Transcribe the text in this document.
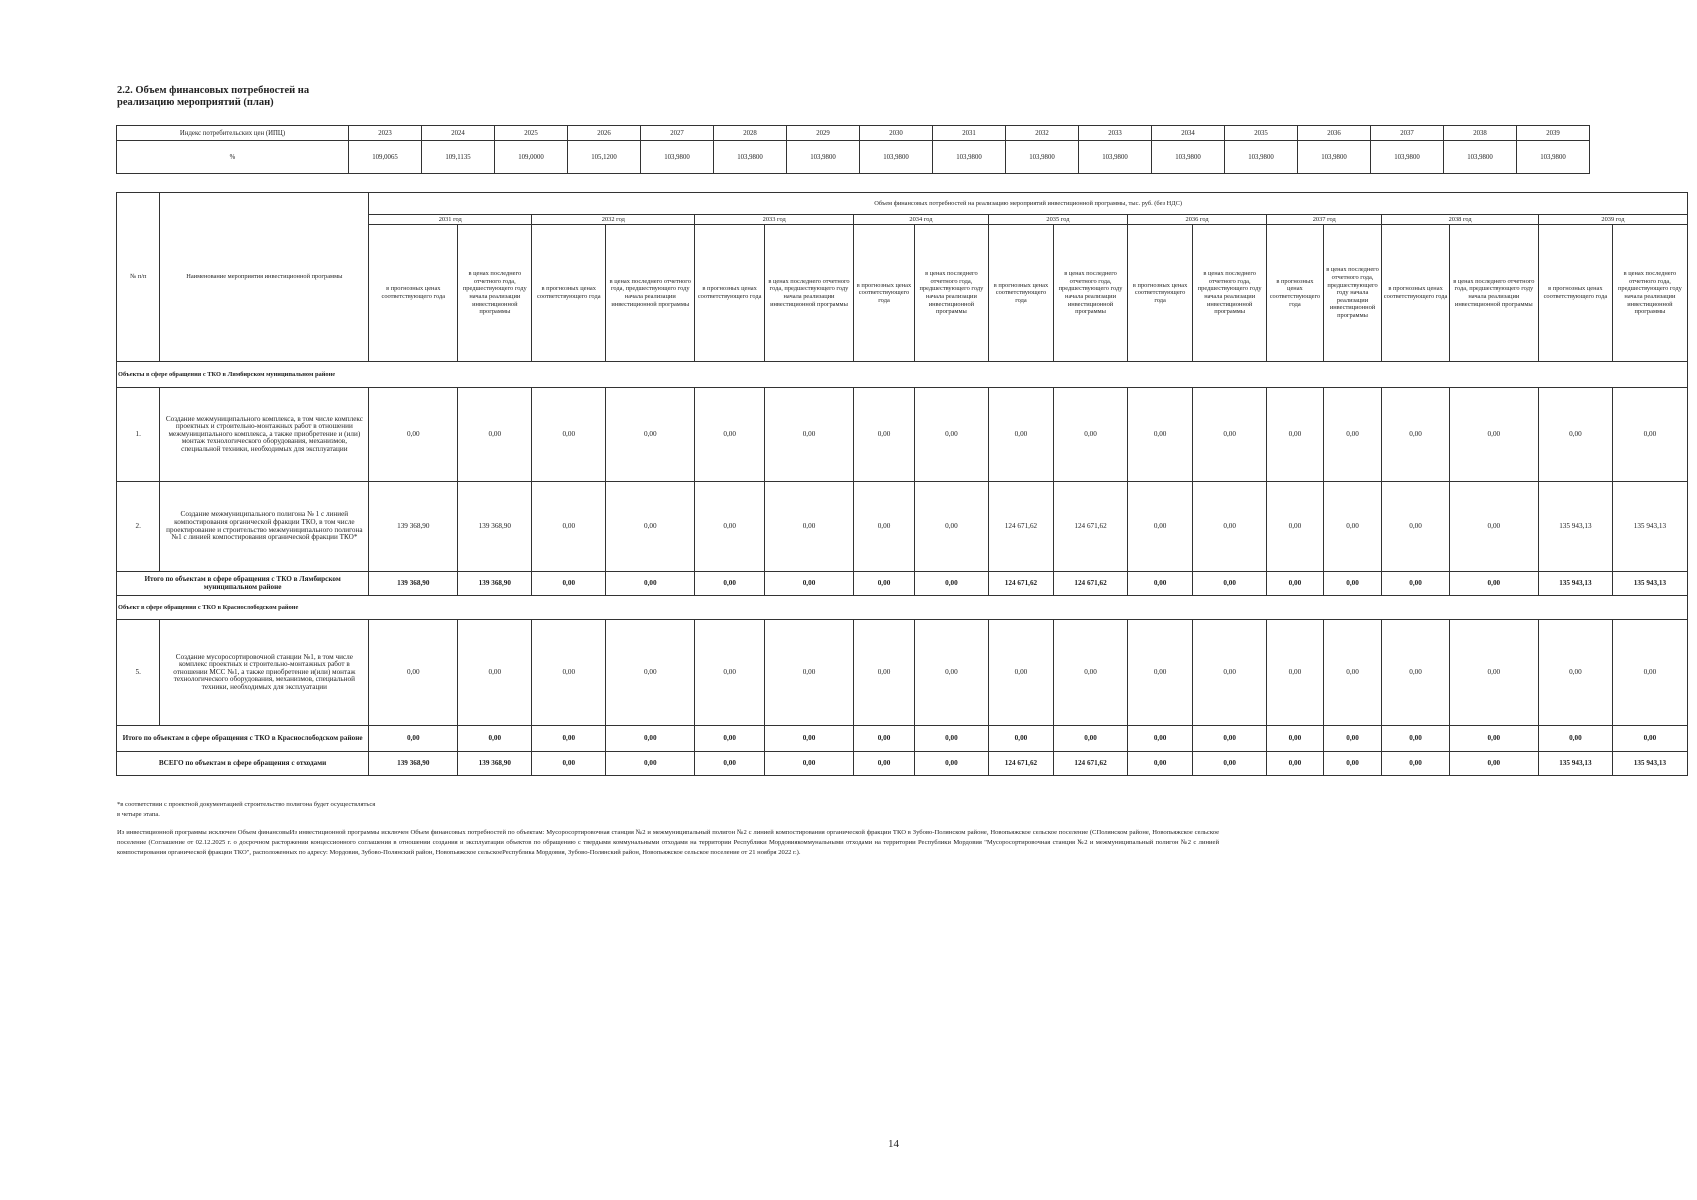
2.2. Объем финансовых потребностей на реализацию мероприятий (план)
Индекс потребительских цен (ИПЦ)	2023	2024	2025	2026	2027	2028	2029	2030	2031	2032	2033	2034	2035	2036	2037	2038	2039
%	109,0065	109,1135	109,0000	105,1200	103,9800	103,9800	103,9800	103,9800	103,9800	103,9800	103,9800	103,9800	103,9800	103,9800	103,9800	103,9800	103,9800
№ п/п	Наименование мероприятия инвестиционной программы	Объем финансовых потребностей на реализацию мероприятий инвестиционной программы, тыс. руб. (без НДС)																	
		2031 год		2032 год		2033 год		2034 год		2035 год		2036 год		2037 год		2038 год		2039 год	
		в прогнозных ценах соответствующего года	в ценах последнего отчетного года, предшествующего году начала реализации инвестиционной программы	в прогнозных ценах соответствующего года	в ценах последнего отчетного года, предшествующего году начала реализации инвестиционной программы	в прогнозных ценах соответствующего года	в ценах последнего отчетного года, предшествующего году начала реализации инвестиционной программы	в прогнозных ценах соответствующего года	в ценах последнего отчетного года, предшествующего году начала реализации инвестиционной программы	в прогнозных ценах соответствующего года	в ценах последнего отчетного года, предшествующего году начала реализации инвестиционной программы	в прогнозных ценах соответствующего года	в ценах последнего отчетного года, предшествующего году начала реализации инвестиционной программы	в прогнозных ценах соответствующего года	в ценах последнего отчетного года, предшествующего году начала реализации инвестиционной программы	в прогнозных ценах соответствующего года	в ценах последнего отчетного года, предшествующего году начала реализации инвестиционной программы	в прогнозных ценах соответствующего года	в ценах последнего отчетного года, предшествующего году начала реализации инвестиционной программы
Объекты в сфере обращения с ТКО в Лямбирском муниципальном районе																			
1.	Создание межмуниципального комплекса, в том числе комплекс проектных и строительно-монтажных работ в отношении межмуниципального комплекса, а также приобретение и (или) монтаж технологического оборудования, механизмов, специальной техники, необходимых для эксплуатации	0,00	0,00	0,00	0,00	0,00	0,00	0,00	0,00	0,00	0,00	0,00	0,00	0,00	0,00	0,00	0,00	0,00	0,00
2.	Создание межмуниципального полигона № 1 с линией компостирования органической фракции ТКО, в том числе проектирование и строительство межмуниципального полигона №1 с линией компостирования органической фракции ТКО*	139 368,90	139 368,90	0,00	0,00	0,00	0,00	0,00	0,00	124 671,62	124 671,62	0,00	0,00	0,00	0,00	0,00	0,00	135 943,13	135 943,13
Итого по объектам в сфере обращения с ТКО в Лямбирском муниципальном районе		139 368,90	139 368,90	0,00	0,00	0,00	0,00	0,00	0,00	124 671,62	124 671,62	0,00	0,00	0,00	0,00	0,00	0,00	135 943,13	135 943,13
Объект в сфере обращения с ТКО в Краснослободском районе																			
5.	Создание мусоросортировочной станции №1, в том числе комплекс проектных и строительно-монтажных работ в отношении МСС №1, а также приобретение и(или) монтаж технологического оборудования, механизмов, специальной техники, необходимых для эксплуатации	0,00	0,00	0,00	0,00	0,00	0,00	0,00	0,00	0,00	0,00	0,00	0,00	0,00	0,00	0,00	0,00	0,00	0,00
Итого по объектам в сфере обращения с ТКО в Краснослободском районе		0,00	0,00	0,00	0,00	0,00	0,00	0,00	0,00	0,00	0,00	0,00	0,00	0,00	0,00	0,00	0,00	0,00	0,00
ВСЕГО по объектам в сфере обращения с отходами		139 368,90	139 368,90	0,00	0,00	0,00	0,00	0,00	0,00	124 671,62	124 671,62	0,00	0,00	0,00	0,00	0,00	0,00	135 943,13	135 943,13
*в соответствии с проектной документацией строительство полигона будет осуществляться в четыре этапа.
Из инвестиционной программы исключен Объем финансовыИз инвестиционной программы исключен Объем финансовых потребностей по объектам: Мусоросортировочная станция №2 и межмуниципальный полигон №2 с линией компостирования органической фракции ТКО в Зубово-Полянском районе, Новопьяжское сельское поселение (СПолянском районе, Новопьяжское сельское поселение (Соглашение от 02.12.2025 г. о досрочном расторжении концессионного соглашения в отношении создания и эксплуатации объектов по обращению с твердыми коммунальными отходами на территории Республики Мордовиякоммунальными отходами на территории Республики Мордовия "Мусоросортировочная станция №2 и межмуниципальный полигон №2 с линией компостирования органической фракции ТКО", расположенных по адресу: Мордовия, Зубово-Полянский район, Новопьяжское сельскоеРеспублика Мордовия, Зубово-Полянский район, Новопьяжское сельское поселение от 21 ноября 2022 г.).
14
